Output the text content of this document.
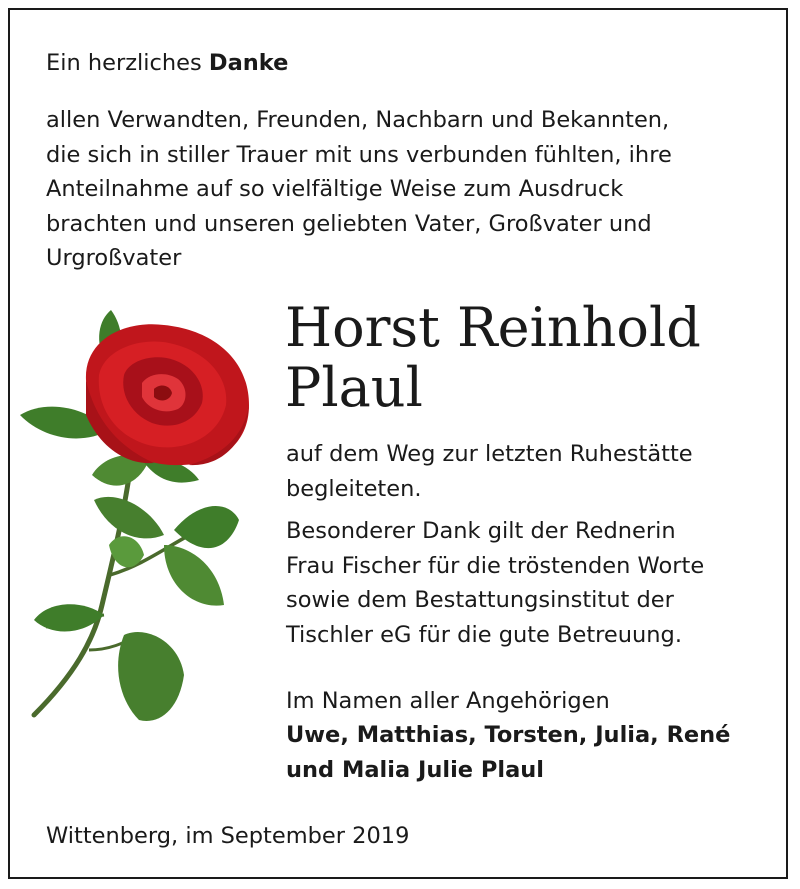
Ein herzliches Danke
allen Verwandten, Freunden, Nachbarn und Bekannten,
die sich in stiller Trauer mit uns verbunden fühlten, ihre
Anteilnahme auf so vielfältige Weise zum Ausdruck
brachten und unseren geliebten Vater, Großvater und
Urgroßvater
Horst Reinhold
Plaul
auf dem Weg zur letzten Ruhestätte
begleiteten.
Besonderer Dank gilt der Rednerin
Frau Fischer für die tröstenden Worte
sowie dem Bestattungsinstitut der
Tischler eG für die gute Betreuung.
Im Namen aller Angehörigen
Uwe, Matthias, Torsten, Julia, René
und Malia Julie Plaul
Wittenberg, im September 2019
